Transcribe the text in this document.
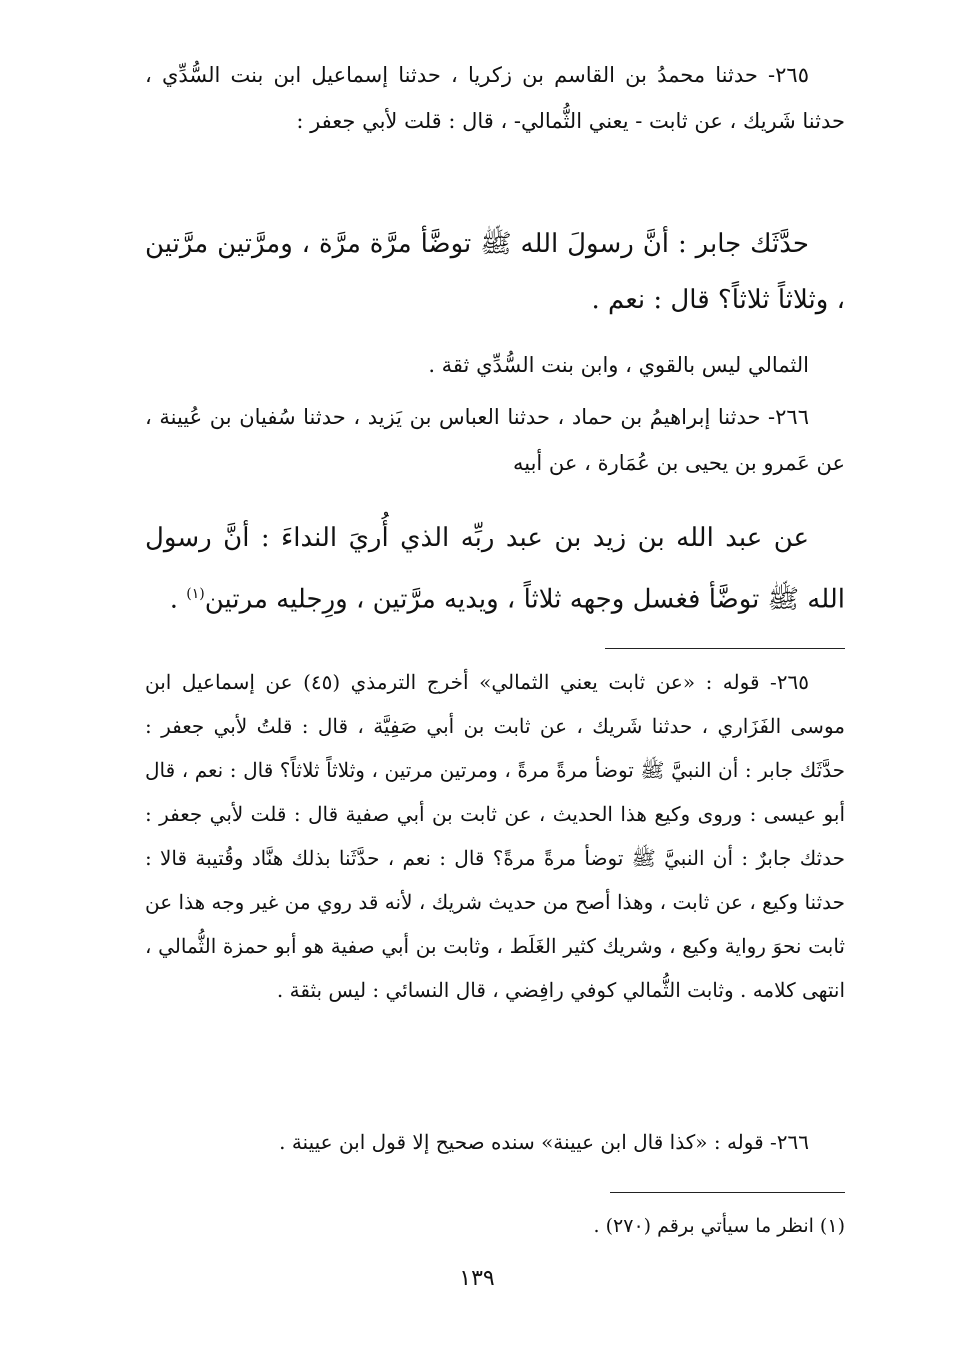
٢٦٥- حدثنا محمدُ بن القاسم بن زكريا ، حدثنا إسماعيل ابن بنت السُّدِّي ، حدثنا شَريك ، عن ثابت - يعني الثُّمالي- ، قال : قلت لأبي جعفر :

حدَّثَك جابر : أنَّ رسولَ الله ﷺ توضَّأ مرَّة مرَّة ، ومرَّتين مرَّتين ، وثلاثاً ثلاثاً؟ قال : نعم .

الثمالي ليس بالقوي ، وابن بنت السُّدِّي ثقة .

٢٦٦- حدثنا إبراهيمُ بن حماد ، حدثنا العباس بن يَزيد ، حدثنا سُفيان بن عُيينة ، عن عَمرو بن يحيى بن عُمَارة ، عن أبيه

عن عبد الله بن زيد بن عبد ربِّه الذي أُريَ النداءَ : أنَّ رسول الله ﷺ توضَّأ فغسل وجهه ثلاثاً ، ويديه مرَّتين ، ورِجليه مرتين$^{(١)}$ .

٢٦٥- قوله : «عن ثابت يعني الثمالي» أخرج الترمذي (٤٥) عن إسماعيل ابن موسى الفَزَاري ، حدثنا شَريك ، عن ثابت بن أبي صَفِيَّة ، قال : قلتُ لأبي جعفر : حدَّثَك جابر : أن النبيَّ ﷺ توضأ مرةً مرةً ، ومرتين مرتين ، وثلاثاً ثلاثاً؟ قال : نعم ، قال أبو عيسى : وروى وكيع هذا الحديث ، عن ثابت بن أبي صفية قال : قلت لأبي جعفر : حدثك جابرٌ : أن النبيَّ ﷺ توضأ مرةً مرةً؟ قال : نعم ، حدَّثَنا بذلك هنَّاد وقُتيبة قالا : حدثنا وكيع ، عن ثابت ، وهذا أصح من حديث شريك ، لأنه قد روي من غير وجه هذا عن ثابت نحوَ رواية وكيع ، وشريك كثير الغَلَط ، وثابت بن أبي صفية هو أبو حمزة الثُّمالي ، انتهى كلامه . وثابت الثُّمالي كوفي رافِضي ، قال النسائي : ليس بثقة .

٢٦٦- قوله : «كذا قال ابن عيينة» سنده صحيح إلا قول ابن عيينة .

(١) انظر ما سيأتي برقم (٢٧٠) .

١٣٩
